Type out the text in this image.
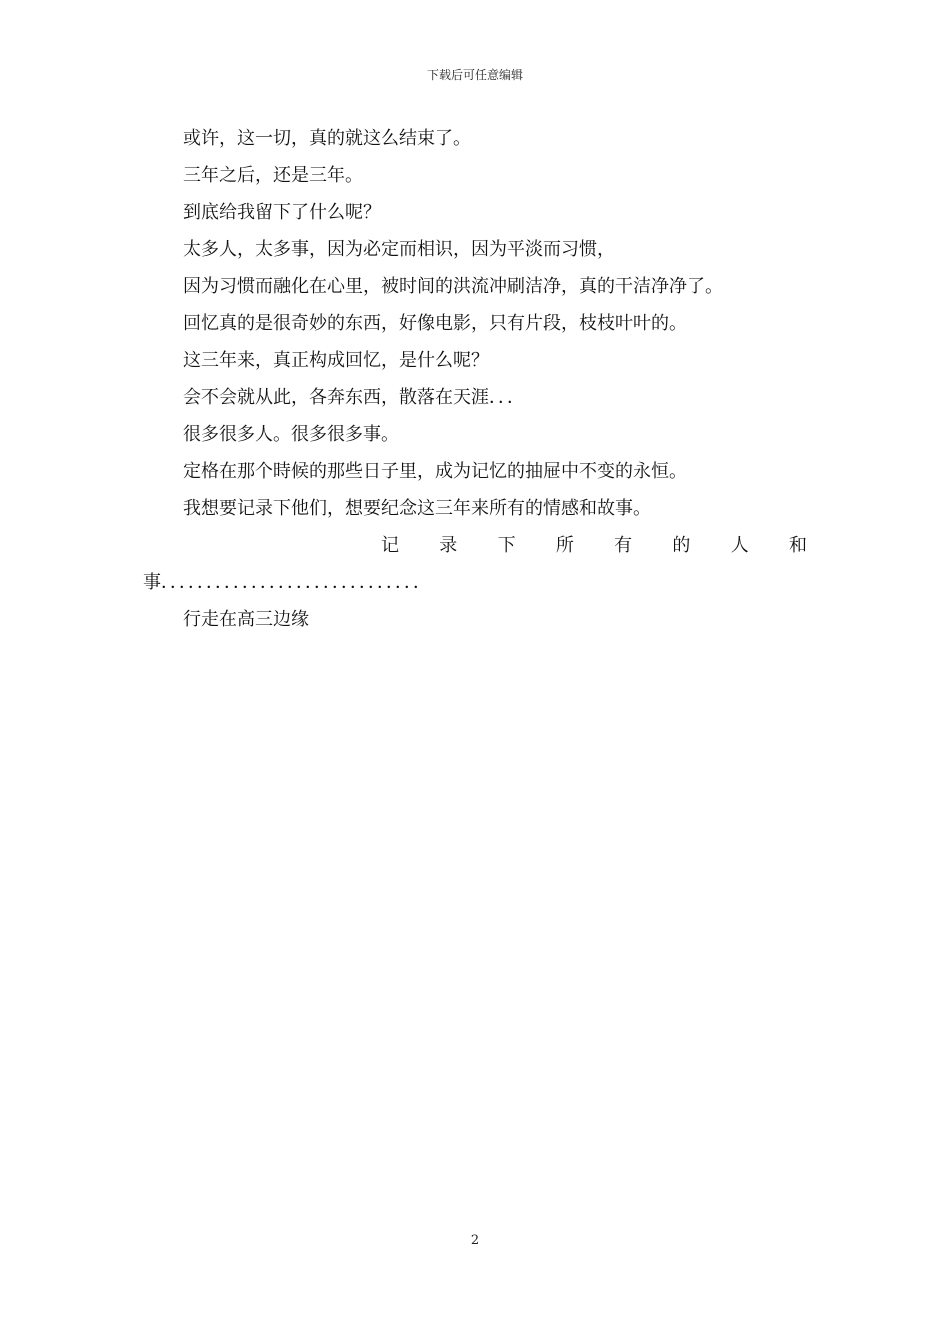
下载后可任意编辑

或许，这一切，真的就这么结束了。

三年之后，还是三年。

到底给我留下了什么呢？

太多人，太多事，因为必定而相识，因为平淡而习惯，

因为习惯而融化在心里，被时间的洪流冲刷洁净，真的干洁净净了。

回忆真的是很奇妙的东西，好像电影，只有片段，枝枝叶叶的。

这三年来，真正构成回忆，是什么呢？

会不会就从此，各奔东西，散落在天涯．．．

很多很多人。很多很多事。

定格在那个時候的那些日子里，成为记忆的抽屉中不变的永恒。

我想要记录下他们，想要纪念这三年来所有的情感和故事。

记 录 下 所 有 的 人 和

事．．．．．．．．．．．．．．．．．．．．．．．．．．．．．

行走在高三边缘

2
